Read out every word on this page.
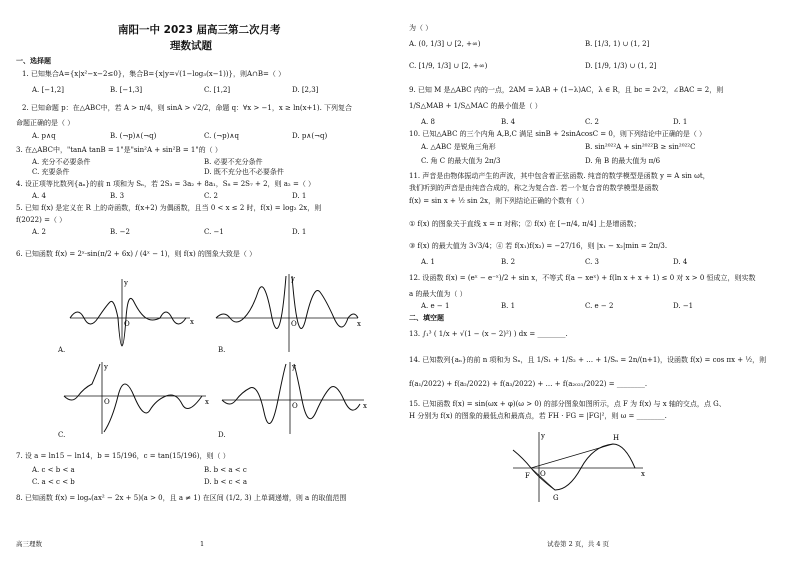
南阳一中 2023 届高三第二次月考
理数试题
一、选择题
1. 已知集合A={x|x²−x−2≤0}，集合B={x|y=√(1−log₃(x−1))}，则A∩B=（ ）
A. [−1,2]	B. [−1,3]	C. [1,2]	D. [2,3]
2. 已知命题 p：在△ABC中，若 A > π/4，则 sinA > √2/2，命题 q：∀x > −1，x ≥ ln(x+1). 下列复合
命题正确的是（ ）
A. p∧q	B. (¬p)∧(¬q)	C. (¬p)∧q	D. p∧(¬q)
3. 在△ABC中，"tanA tanB = 1"是"sin²A + sin²B = 1"的（ ）
A. 充分不必要条件	B. 必要不充分条件
C. 充要条件	D. 既不充分也不必要条件
4. 设正项等比数列{aₙ}的前 n 项和为 Sₙ，若 2S₃ = 3a₂ + 8a₁，S₈ = 2S₇ + 2，则 a₂ =（ ）
A. 4	B. 3	C. 2	D. 1
5. 已知 f(x) 是定义在 R 上的奇函数，f(x+2) 为偶函数，且当 0 < x ≤ 2 时，f(x) = log₂ 2x，则
f(2022) =（ ）
A. 2	B. −2	C. −1	D. 1
6. 已知函数 f(x) = 2ˣ·sin(π/2 + 6x) / (4ˣ − 1)，则 f(x) 的图象大致是（ ）
O	x
y
A.
O	x
y
B.
O	x
y
C.
O	x
y
D.
7. 设 a = ln15 − ln14，b = 15/196，c = tan(15/196)，则（ ）
A. c < b < a	B. b < a < c
C. a < c < b	D. b < c < a
8. 已知函数 f(x) = logₐ(ax² − 2x + 5)(a > 0，且 a ≠ 1) 在区间 (1/2, 3) 上单调递增，则 a 的取值范围
高三理数	1
为（ ）
A. (0, 1/3] ∪ [2, +∞)	B. [1/3, 1) ∪ (1, 2]
C. [1/9, 1/3] ∪ [2, +∞)	D. [1/9, 1/3) ∪ (1, 2]
9. 已知 M 是△ABC 内的一点，2AM = λAB + (1−λ)AC，λ ∈ R，且 bc = 2√2，∠BAC = 2，则
1/S△MAB + 1/S△MAC 的最小值是（ ）
A. 8	B. 4	C. 2	D. 1
10. 已知△ABC 的三个内角 A,B,C 满足 sinB + 2sinAcosC = 0，则下列结论中正确的是（ ）
A. △ABC 是锐角三角形	B. sin²⁰²²A + sin²⁰²²B ≥ sin²⁰²²C
C. 角 C 的最大值为 2π/3	D. 角 B 的最大值为 π/6
11. 声音是由物体振动产生的声波，其中包含着正弦函数. 纯音的数学模型是函数 y = A sin ωt，
我们听到的声音是由纯音合成的，称之为复合音. 若一个复合音的数学模型是函数
f(x) = sin x + ½ sin 2x，则下列结论正确的个数有（ ）
① f(x) 的图象关于直线 x = π 对称；② f(x) 在 [−π/4, π/4] 上是增函数；
③ f(x) 的最大值为 3√3/4；④ 若 f(x₁)f(x₂) = −27/16，则 |x₁ − x₂|min = 2π/3.
A. 1	B. 2	C. 3	D. 4
12. 设函数 f(x) = (eˣ − e⁻ˣ)/2 + sin x，不等式 f(a − xeˣ) + f(ln x + x + 1) ≤ 0 对 x > 0 恒成立，则实数
a 的最大值为（ ）
A. e − 1	B. 1	C. e − 2	D. −1
二、填空题
13. ∫₁³ ( 1/x + √(1 − (x − 2)²) ) dx = ________.
14. 已知数列{aₙ}的前 n 项和为 Sₙ，且 1/S₁ + 1/S₂ + … + 1/Sₙ = 2n/(n+1)，设函数 f(x) = cos πx + ½，则
f(a₁/2022) + f(a₂/2022) + f(a₃/2022) + … + f(a₂₀₂₁/2022) = ________.
15. 已知函数 f(x) = sin(ωx + φ)(ω > 0) 的部分图象如图所示，点 F 为 f(x) 与 x 轴的交点，点 G、
H 分别为 f(x) 的图象的最低点和最高点，若 FH · FG = |FG|²，则 ω = ________.
H
G
F O	x
y
试卷第 2 页，共 4 页
